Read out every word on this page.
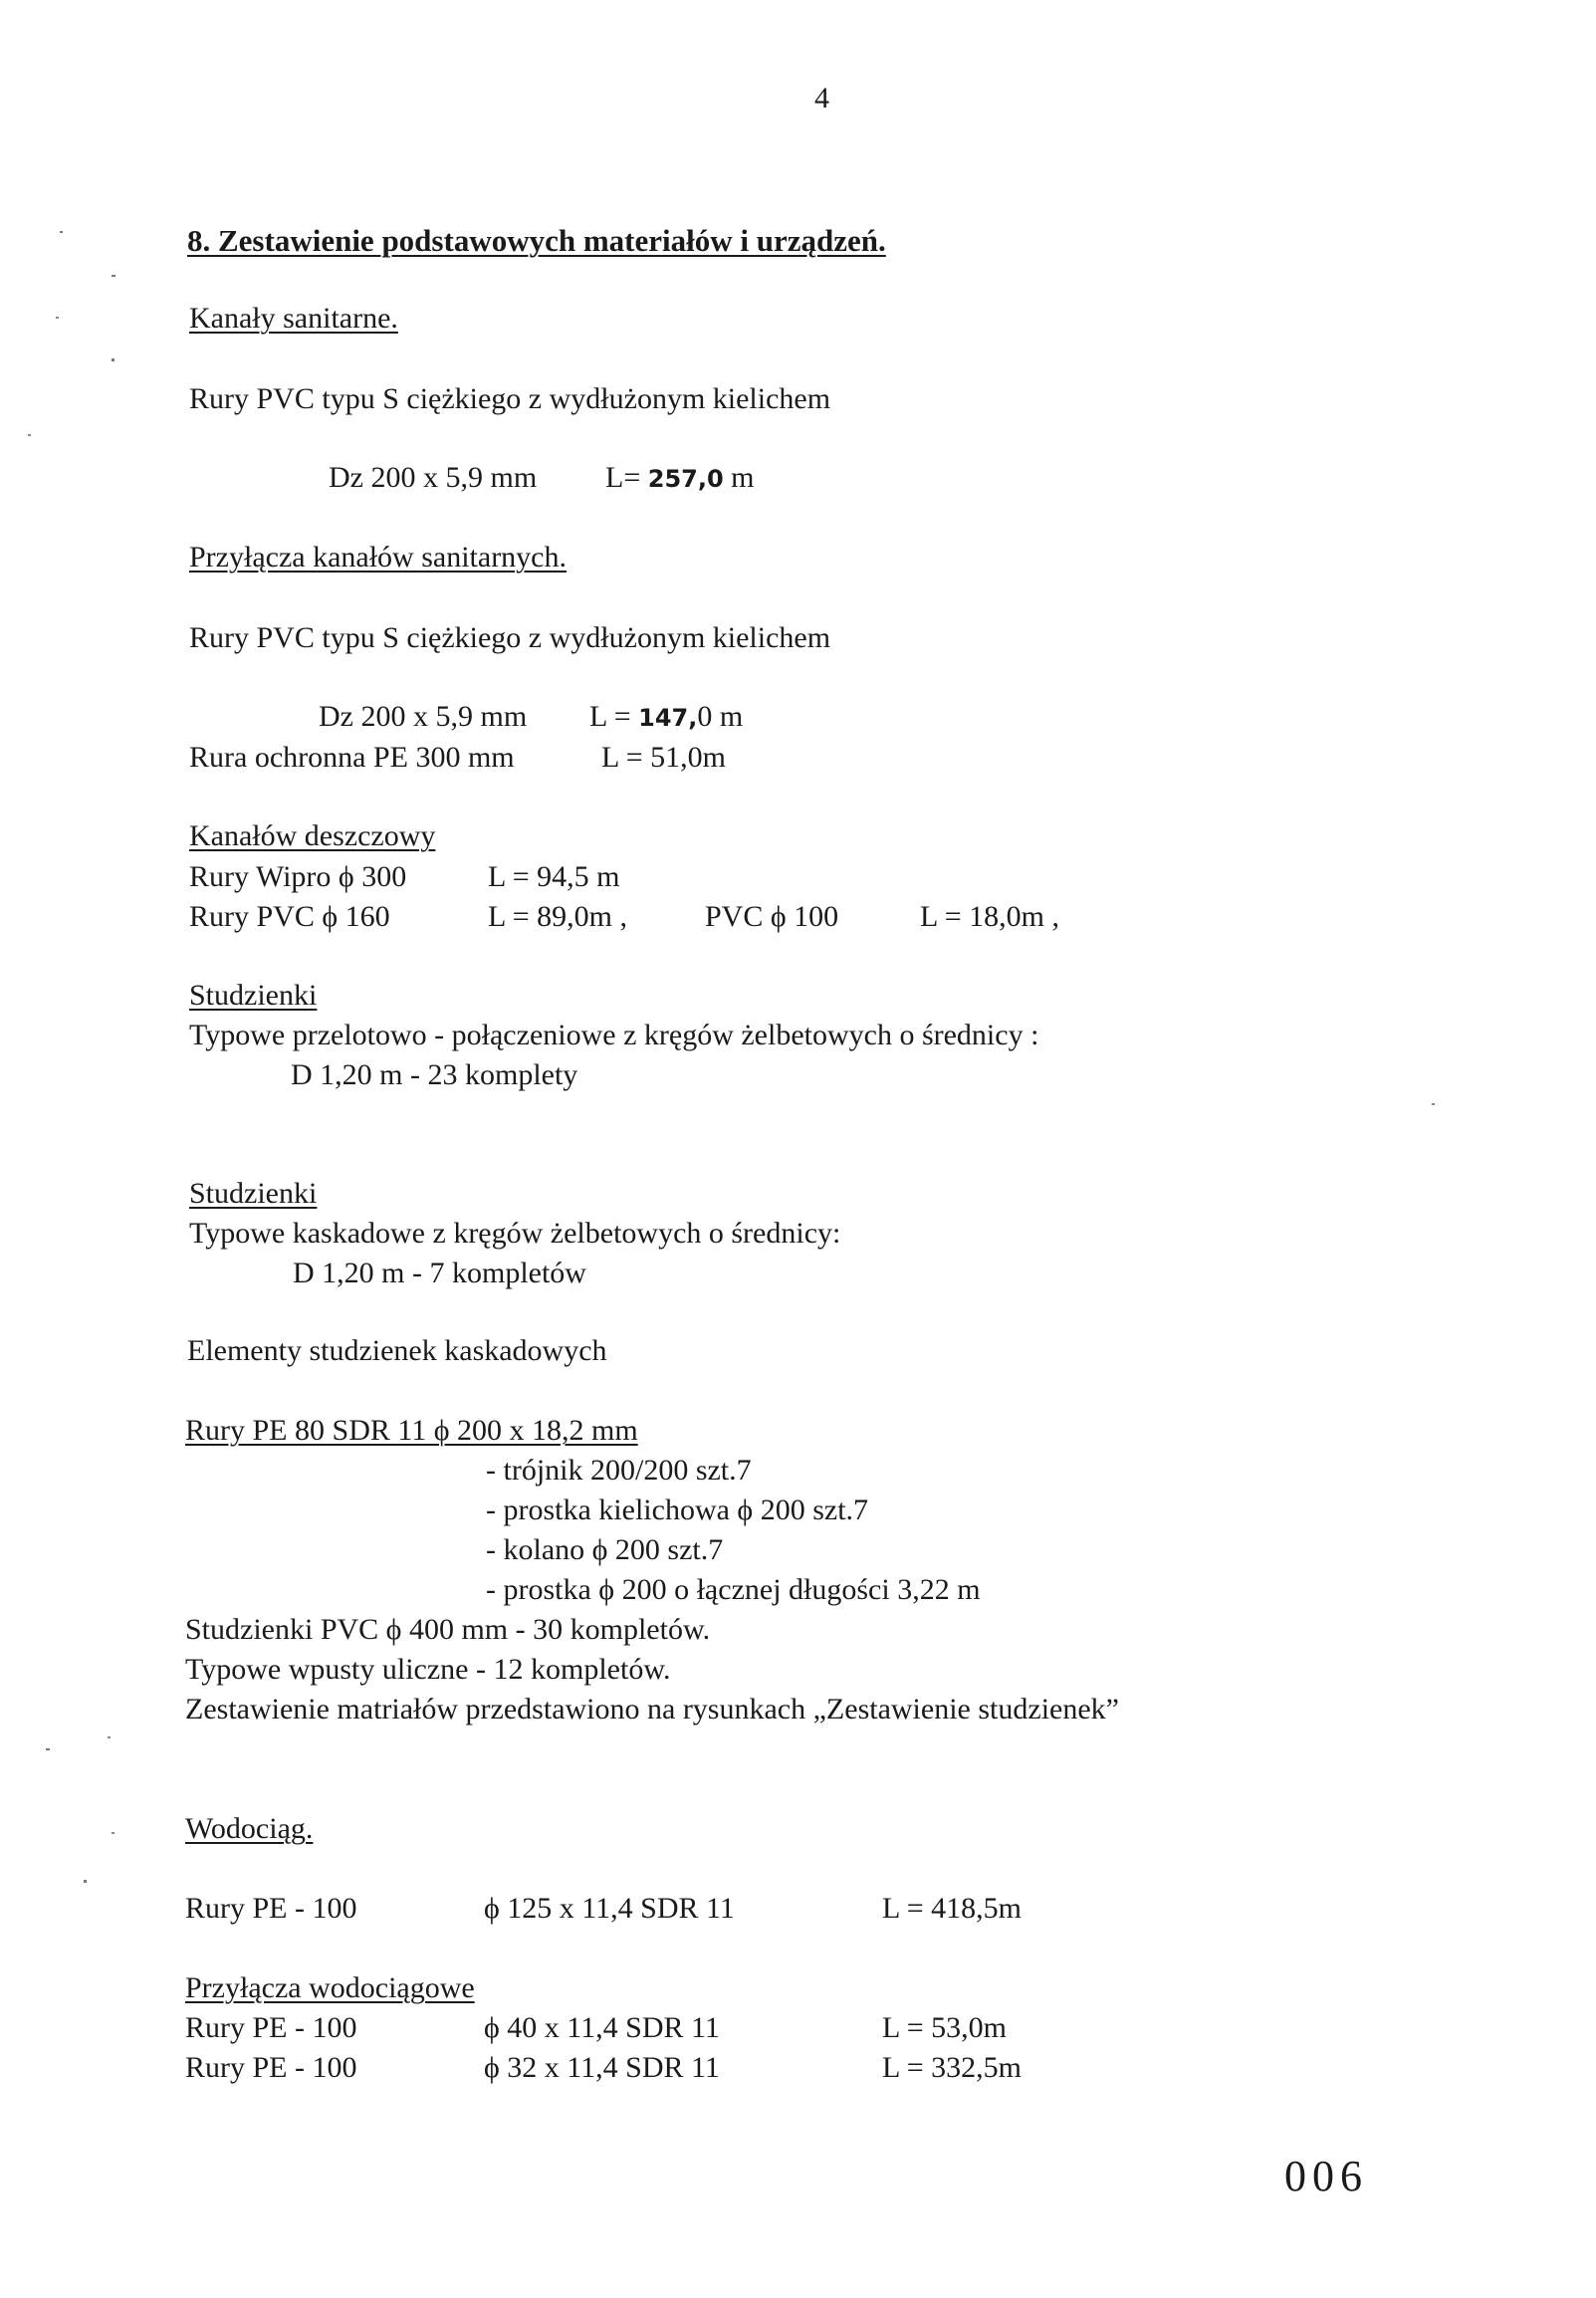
4
8. Zestawienie podstawowych materiałów i urządzeń.
Kanały sanitarne.
Rury PVC typu S ciężkiego z wydłużonym kielichem
Dz 200 x 5,9 mm L= 257,0 m
Przyłącza kanałów sanitarnych.
Rury PVC typu S ciężkiego z wydłużonym kielichem
Dz 200 x 5,9 mm L = 147,0 m
Rura ochronna PE 300 mm	L = 51,0m
Kanałów deszczowy
Rury Wipro ϕ 300	L = 94,5 m
Rury PVC ϕ 160	L = 89,0m ,	PVC ϕ 100	L = 18,0m ,
Studzienki
Typowe przelotowo - połączeniowe z kręgów żelbetowych o średnicy :
D 1,20 m - 23 komplety
Studzienki
Typowe kaskadowe z kręgów żelbetowych o średnicy:
D 1,20 m - 7 kompletów
Elementy studzienek kaskadowych
Rury PE 80 SDR 11 ϕ 200 x 18,2 mm
- trójnik 200/200 szt.7
- prostka kielichowa ϕ 200 szt.7
- kolano ϕ 200 szt.7
- prostka ϕ 200 o łącznej długości 3,22 m
Studzienki PVC ϕ 400 mm - 30 kompletów.
Typowe wpusty uliczne - 12 kompletów.
Zestawienie matriałów przedstawiono na rysunkach „Zestawienie studzienek”
Wodociąg.
Rury PE - 100	ϕ 125 x 11,4 SDR 11	L = 418,5m
Przyłącza wodociągowe
Rury PE - 100	ϕ 40 x 11,4 SDR 11	L = 53,0m
Rury PE - 100	ϕ 32 x 11,4 SDR 11	L = 332,5m
006
